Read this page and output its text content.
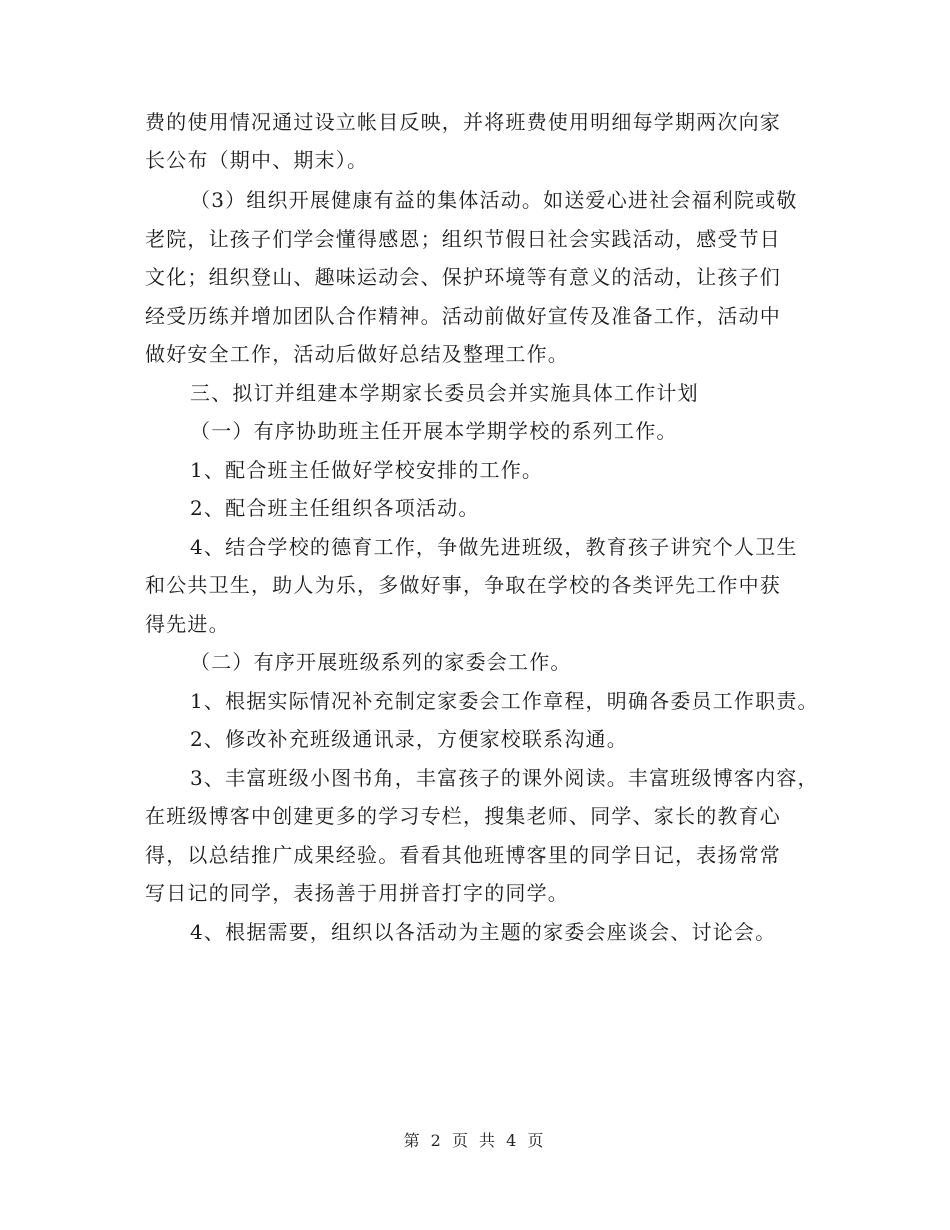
费的使用情况通过设立帐目反映，并将班费使用明细每学期两次向家
长公布（期中、期末）。
（3）组织开展健康有益的集体活动。如送爱心进社会福利院或敬
老院，让孩子们学会懂得感恩；组织节假日社会实践活动，感受节日
文化；组织登山、趣味运动会、保护环境等有意义的活动，让孩子们
经受历练并增加团队合作精神。活动前做好宣传及准备工作，活动中
做好安全工作，活动后做好总结及整理工作。
三、拟订并组建本学期家长委员会并实施具体工作计划
（一）有序协助班主任开展本学期学校的系列工作。
1、配合班主任做好学校安排的工作。
2、配合班主任组织各项活动。
4、结合学校的德育工作，争做先进班级，教育孩子讲究个人卫生
和公共卫生，助人为乐，多做好事，争取在学校的各类评先工作中获
得先进。
（二）有序开展班级系列的家委会工作。
1、根据实际情况补充制定家委会工作章程，明确各委员工作职责。
2、修改补充班级通讯录，方便家校联系沟通。
3、丰富班级小图书角，丰富孩子的课外阅读。丰富班级博客内容，
在班级博客中创建更多的学习专栏，搜集老师、同学、家长的教育心
得，以总结推广成果经验。看看其他班博客里的同学日记，表扬常常
写日记的同学，表扬善于用拼音打字的同学。
4、根据需要，组织以各活动为主题的家委会座谈会、讨论会。
第 2 页 共 4 页
